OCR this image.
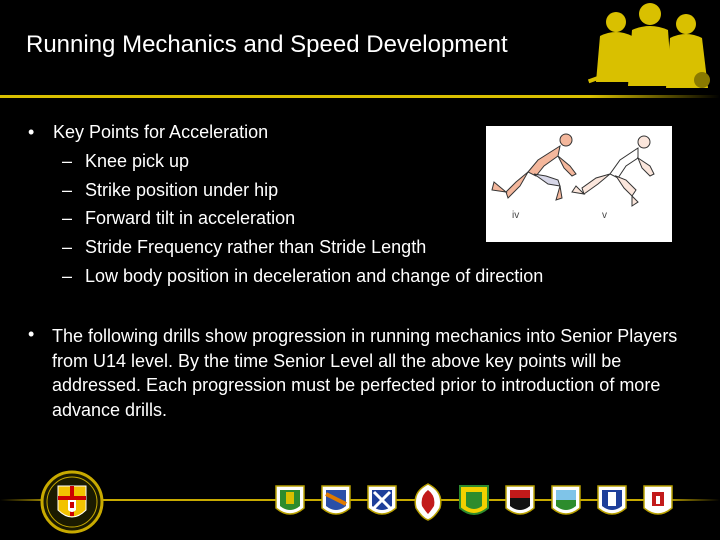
Running Mechanics and Speed Development
• Key Points for Acceleration
– Knee pick up
– Strike position under hip
– Forward tilt in acceleration
– Stride Frequency rather than Stride Length
– Low body position in deceleration and change of direction
iv	v
• The following drills show progression in running mechanics into Senior Players from U14 level. By the time Senior Level all the above key points will be addressed. Each progression must be perfected prior to introduction of more advance drills.
